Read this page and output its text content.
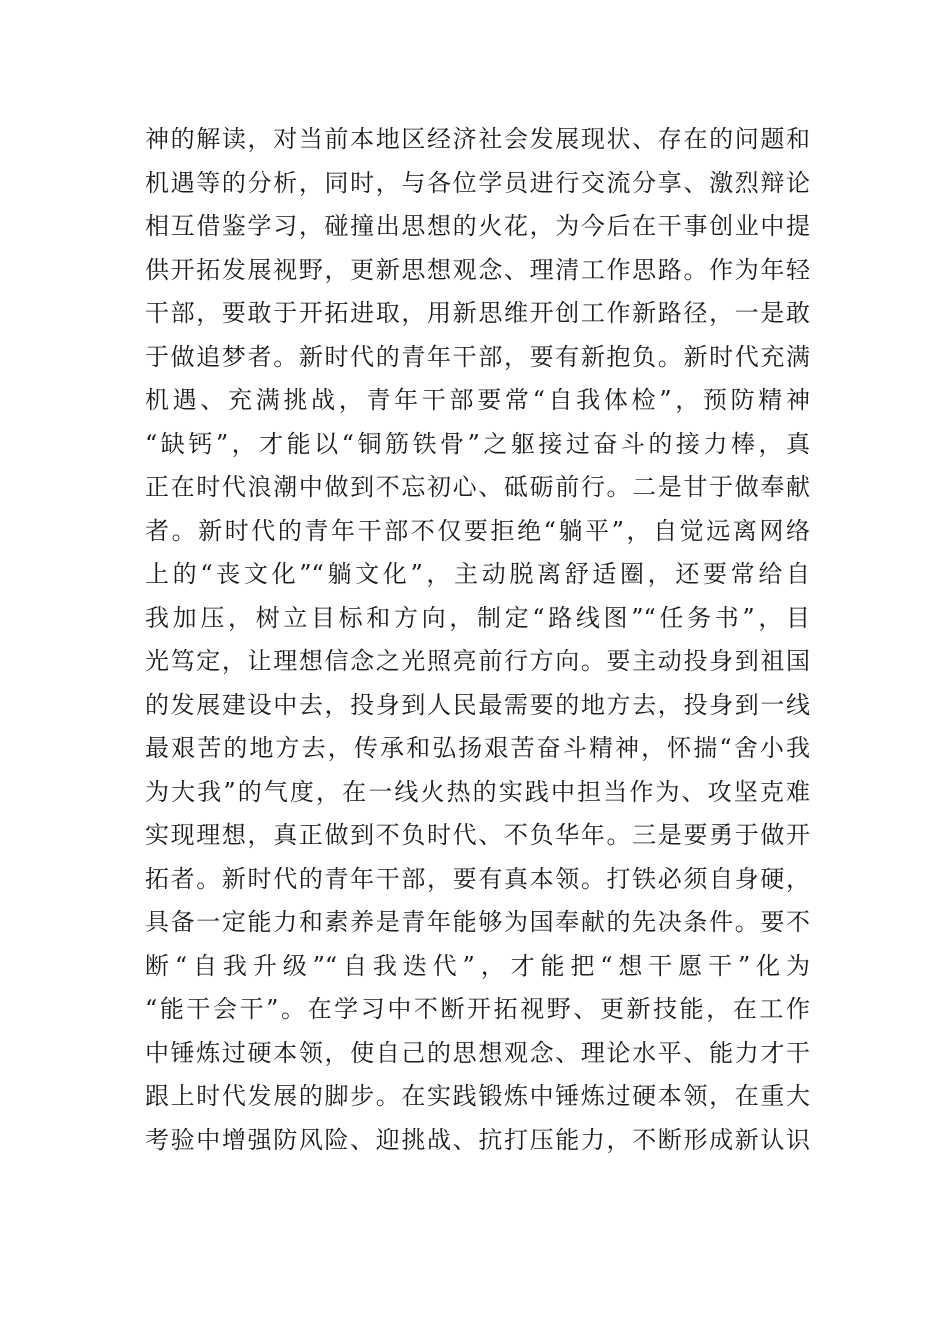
神的解读，对当前本地区经济社会发展现状、存在的问题和
机遇等的分析，同时，与各位学员进行交流分享、激烈辩论
相互借鉴学习，碰撞出思想的火花，为今后在干事创业中提
供开拓发展视野，更新思想观念、理清工作思路。作为年轻
干部，要敢于开拓进取，用新思维开创工作新路径，一是敢
于做追梦者。新时代的青年干部，要有新抱负。新时代充满
机遇、充满挑战，青年干部要常“自我体检”，预防精神
“缺钙”，才能以“铜筋铁骨”之躯接过奋斗的接力棒，真
正在时代浪潮中做到不忘初心、砥砺前行。二是甘于做奉献
者。新时代的青年干部不仅要拒绝“躺平”，自觉远离网络
上的“丧文化”“躺文化”，主动脱离舒适圈，还要常给自
我加压，树立目标和方向，制定“路线图”“任务书”，目
光笃定，让理想信念之光照亮前行方向。要主动投身到祖国
的发展建设中去，投身到人民最需要的地方去，投身到一线
最艰苦的地方去，传承和弘扬艰苦奋斗精神，怀揣“舍小我
为大我”的气度，在一线火热的实践中担当作为、攻坚克难
实现理想，真正做到不负时代、不负华年。三是要勇于做开
拓者。新时代的青年干部，要有真本领。打铁必须自身硬，
具备一定能力和素养是青年能够为国奉献的先决条件。要不
断“自我升级”“自我迭代”，才能把“想干愿干”化为
“能干会干”。在学习中不断开拓视野、更新技能，在工作
中锤炼过硬本领，使自己的思想观念、理论水平、能力才干
跟上时代发展的脚步。在实践锻炼中锤炼过硬本领，在重大
考验中增强防风险、迎挑战、抗打压能力，不断形成新认识
